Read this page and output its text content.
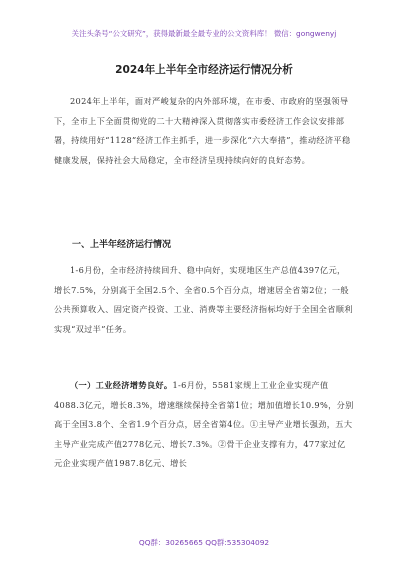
关注头条号“公文研究”，获得最新最全最专业的公文资料库！ 微信：gongwenyj
2024年上半年全市经济运行情况分析

2024年上半年，面对严峻复杂的内外部环境，在市委、市政府的坚强领导下，全市上下全面贯彻党的二十大精神深入贯彻落实市委经济工作会议安排部署，持续用好“1128”经济工作主抓手，进一步深化“六大奉措”，推动经济平稳健康发展，保持社会大局稳定，全市经济呈现持续向好的良好态势。

一、上半年经济运行情况

1-6月份，全市经济持续回升、稳中向好，实现地区生产总值4397亿元，增长7.5%，分别高于全国2.5个、全省0.5个百分点，增速居全省第2位；一般公共预算收入、固定资产投资、工业、消费等主要经济指标均好于全国全省顺利实现“双过半”任务。

（一）工业经济增势良好。1-6月份，5581家规上工业企业实现产值4088.3亿元，增长8.3%，增速继续保持全省第1位；增加值增长10.9%，分别高于全国3.8个、全省1.9个百分点，居全省第4位。①主导产业增长强劲，五大主导产业完成产值2778亿元、增长7.3%。②骨干企业支撑有力，477家过亿元企业实现产值1987.8亿元、增长

QQ群：30265665 QQ群:535304092
